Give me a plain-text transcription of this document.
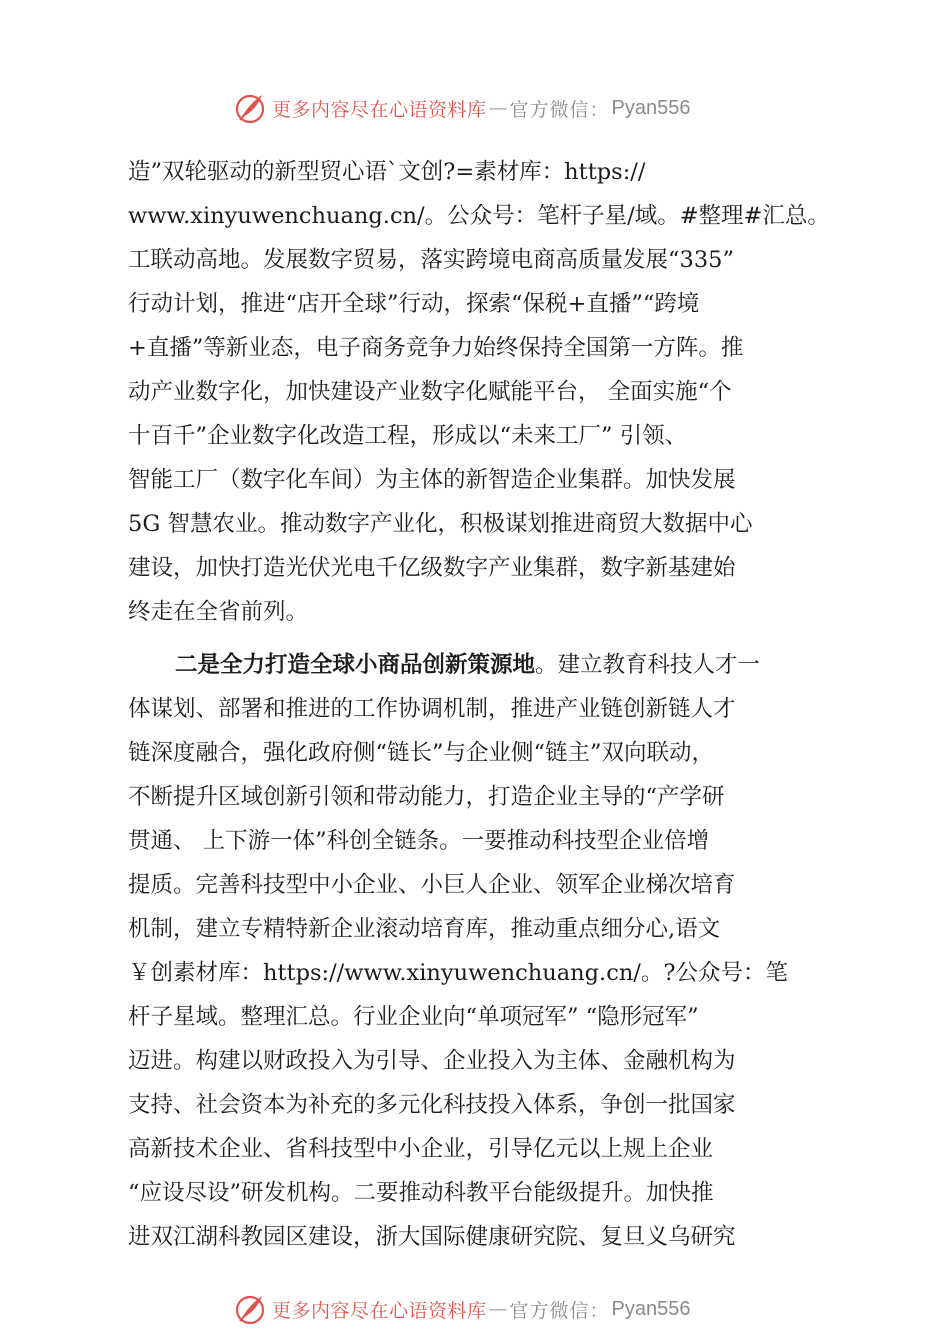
更多内容尽在心语资料库 — 官方微信： Pyan556
造”双轮驱动的新型贸心语`文创?=素材库：https://
www.xinyuwenchuang.cn/。公众号：笔杆子星/域。#整理#汇总。
工联动高地。发展数字贸易，落实跨境电商高质量发展“335”
行动计划，推进“店开全球”行动，探索“保税+直播”“跨境
+直播”等新业态，电子商务竞争力始终保持全国第一方阵。推
动产业数字化，加快建设产业数字化赋能平台， 全面实施“个
十百千”企业数字化改造工程，形成以“未来工厂” 引领、
智能工厂（数字化车间）为主体的新智造企业集群。加快发展
5G 智慧农业。推动数字产业化，积极谋划推进商贸大数据中心
建设，加快打造光伏光电千亿级数字产业集群，数字新基建始
终走在全省前列。
二是全力打造全球小商品创新策源地。建立教育科技人才一
体谋划、部署和推进的工作协调机制，推进产业链创新链人才
链深度融合，强化政府侧“链长”与企业侧“链主”双向联动，
不断提升区域创新引领和带动能力，打造企业主导的“产学研
贯通、 上下游一体”科创全链条。一要推动科技型企业倍增
提质。完善科技型中小企业、小巨人企业、领军企业梯次培育
机制，建立专精特新企业滚动培育库，推动重点细分心,语文
￥创素材库：https://www.xinyuwenchuang.cn/。?公众号：笔
杆子星域。整理汇总。行业企业向“单项冠军” “隐形冠军”
迈进。构建以财政投入为引导、企业投入为主体、金融机构为
支持、社会资本为补充的多元化科技投入体系，争创一批国家
高新技术企业、省科技型中小企业，引导亿元以上规上企业
“应设尽设”研发机构。二要推动科教平台能级提升。加快推
进双江湖科教园区建设，浙大国际健康研究院、复旦义乌研究
更多内容尽在心语资料库 — 官方微信： Pyan556
